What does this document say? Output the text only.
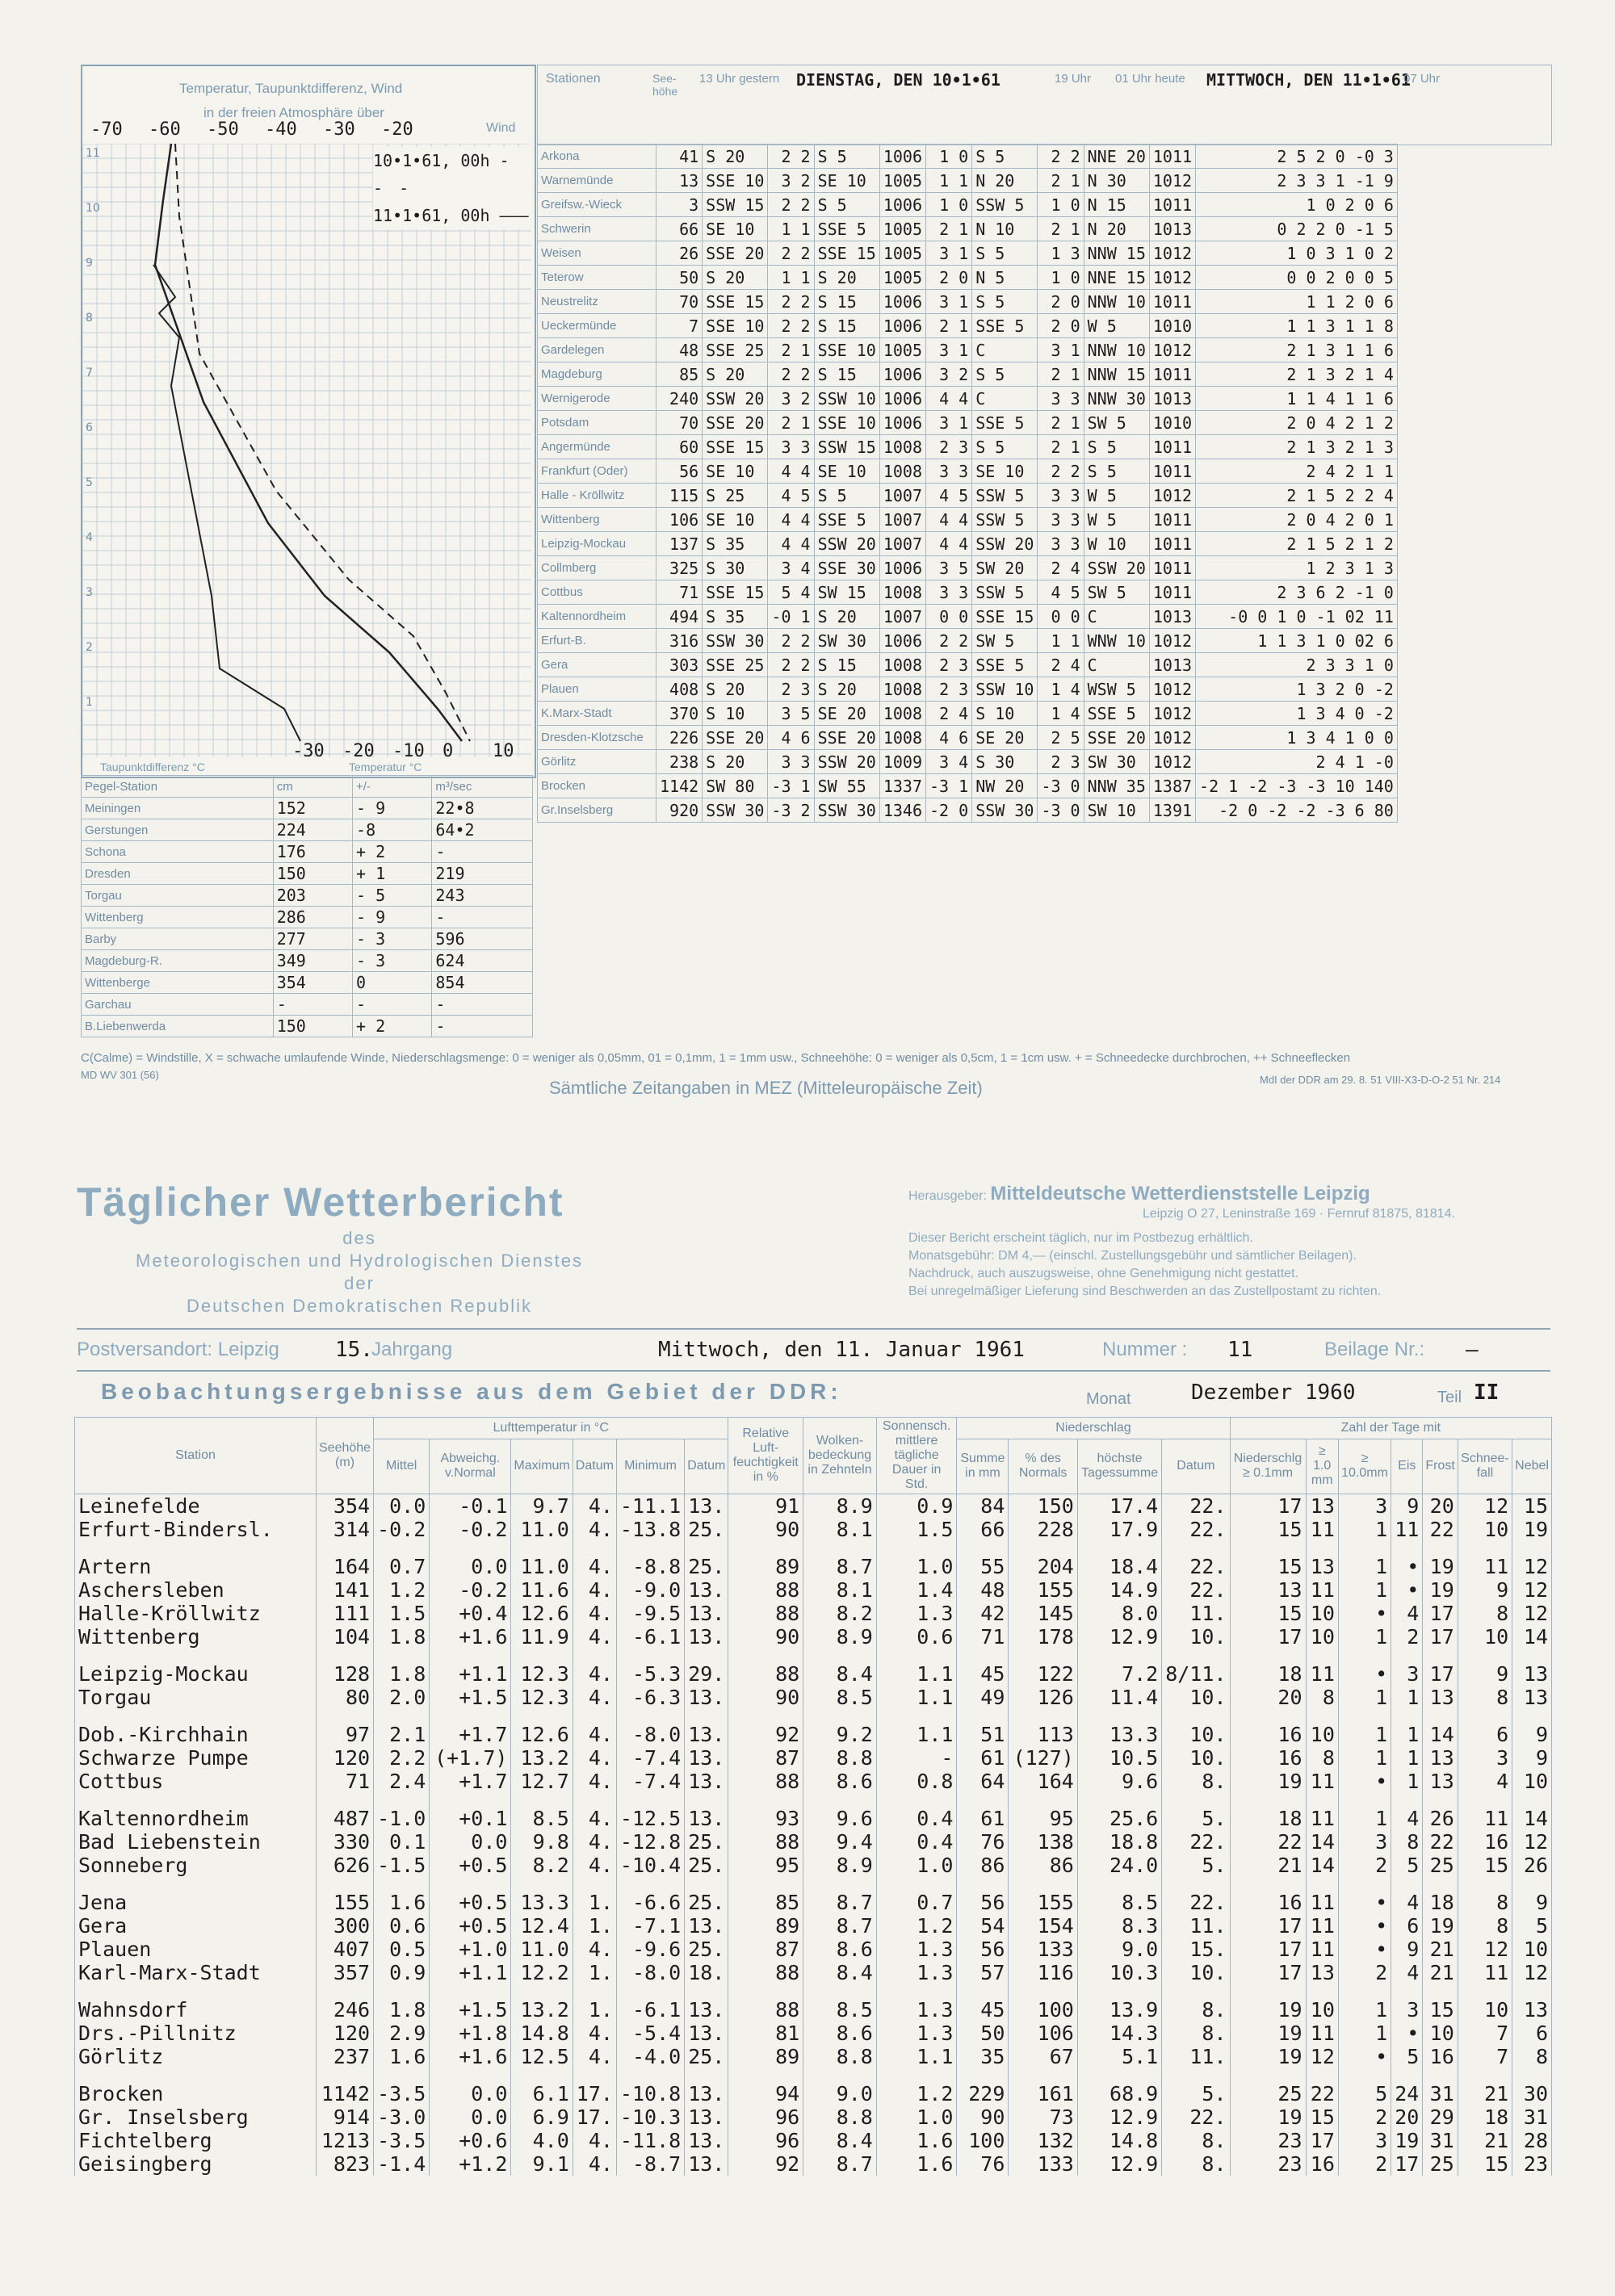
Temperatur, Taupunktdifferenz, Wind
in der freien Atmosphäre über
Wind
-70 -60 -50 -40 -30 -20
11
10
9
8
7
6
5
4
3
2
1
10•1•61, 00h - - -
11•1•61, 00h ———
Taupunktdifferenz °C	Temperatur °C
-30 -20 -10 0 10
Stationen	See-höhe
13 Uhr gestern DIENSTAG, DEN 10•1•61	19 Uhr 01 Uhr heute MITTWOCH, DEN 11•1•61
07 Uhr
Arkona	41	S 20	2 2	S 5	1006	1 0	S 5	2 2	NNE 20	1011	2 5 2 0 -0 3
Warnemünde	13	SSE 10	3 2	SE 10	1005	1 1	N 20	2 1	N 30	1012	2 3 3 1 -1 9
Greifsw.-Wieck	3	SSW 15	2 2	S 5	1006	1 0	SSW 5	1 0	N 15	1011	1 0 2 0 6
Schwerin	66	SE 10	1 1	SSE 5	1005	2 1	N 10	2 1	N 20	1013	0 2 2 0 -1 5
Weisen	26	SSE 20	2 2	SSE 15	1005	3 1	S 5	1 3	NNW 15	1012	1 0 3 1 0 2
Teterow	50	S 20	1 1	S 20	1005	2 0	N 5	1 0	NNE 15	1012	0 0 2 0 0 5
Neustrelitz	70	SSE 15	2 2	S 15	1006	3 1	S 5	2 0	NNW 10	1011	1 1 2 0 6
Ueckermünde	7	SSE 10	2 2	S 15	1006	2 1	SSE 5	2 0	W 5	1010	1 1 3 1 1 8
Gardelegen	48	SSE 25	2 1	SSE 10	1005	3 1	C	3 1	NNW 10	1012	2 1 3 1 1 6
Magdeburg	85	S 20	2 2	S 15	1006	3 2	S 5	2 1	NNW 15	1011	2 1 3 2 1 4
Wernigerode	240	SSW 20	3 2	SSW 10	1006	4 4	C	3 3	NNW 30	1013	1 1 4 1 1 6
Potsdam	70	SSE 20	2 1	SSE 10	1006	3 1	SSE 5	2 1	SW 5	1010	2 0 4 2 1 2
Angermünde	60	SSE 15	3 3	SSW 15	1008	2 3	S 5	2 1	S 5	1011	2 1 3 2 1 3
Frankfurt (Oder)	56	SE 10	4 4	SE 10	1008	3 3	SE 10	2 2	S 5	1011	2 4 2 1 1
Halle - Kröllwitz	115	S 25	4 5	S 5	1007	4 5	SSW 5	3 3	W 5	1012	2 1 5 2 2 4
Wittenberg	106	SE 10	4 4	SSE 5	1007	4 4	SSW 5	3 3	W 5	1011	2 0 4 2 0 1
Leipzig-Mockau	137	S 35	4 4	SSW 20	1007	4 4	SSW 20	3 3	W 10	1011	2 1 5 2 1 2
Collmberg	325	S 30	3 4	SSE 30	1006	3 5	SW 20	2 4	SSW 20	1011	1 2 3 1 3
Cottbus	71	SSE 15	5 4	SW 15	1008	3 3	SSW 5	4 5	SW 5	1011	2 3 6 2 -1 0
Kaltennordheim	494	S 35	-0 1	S 20	1007	0 0	SSE 15	0 0	C	1013	-0 0 1 0 -1 02 11
Erfurt-B.	316	SSW 30	2 2	SW 30	1006	2 2	SW 5	1 1	WNW 10	1012	1 1 3 1 0 02 6
Gera	303	SSE 25	2 2	S 15	1008	2 3	SSE 5	2 4	C	1013	2 3 3 1 0
Plauen	408	S 20	2 3	S 20	1008	2 3	SSW 10	1 4	WSW 5	1012	1 3 2 0 -2
K.Marx-Stadt	370	S 10	3 5	SE 20	1008	2 4	S 10	1 4	SSE 5	1012	1 3 4 0 -2
Dresden-Klotzsche	226	SSE 20	4 6	SSE 20	1008	4 6	SE 20	2 5	SSE 20	1012	1 3 4 1 0 0
Görlitz	238	S 20	3 3	SSW 20	1009	3 4	S 30	2 3	SW 30	1012	2 4 1 -0
Brocken	1142	SW 80	-3 1	SW 55	1337	-3 1	NW 20	-3 0	NNW 35	1387	-2 1 -2 -3 -3 10 140
Gr.Inselsberg	920	SSW 30	-3 2	SSW 30	1346	-2 0	SSW 30	-3 0	SW 10	1391	-2 0 -2 -2 -3 6 80
Pegel-Station	cm	+/-	m³/sec
Meiningen	152	- 9	22•8
Gerstungen	224	-8	64•2
Schona	176	+ 2	-
Dresden	150	+ 1	219
Torgau	203	- 5	243
Wittenberg	286	- 9	-
Barby	277	- 3	596
Magdeburg-R.	349	- 3	624
Wittenberge	354	0	854
Garchau	-	-	-
B.Liebenwerda	150	+ 2	-
C(Calme) = Windstille, X = schwache umlaufende Winde, Niederschlagsmenge: 0 = weniger als 0,05mm, 01 = 0,1mm, 1 = 1mm usw., Schneehöhe: 0 = weniger als 0,5cm, 1 = 1cm usw. + = Schneedecke durchbrochen, ++ Schneeflecken
MD WV 301 (56)
Sämtliche Zeitangaben in MEZ (Mitteleuropäische Zeit)	MdI der DDR am 29. 8. 51 VIII-X3-D-O-2 51 Nr. 214
Täglicher Wetterbericht
des
Meteorologischen und Hydrologischen Dienstes
der
Deutschen Demokratischen Republik
Herausgeber: Mitteldeutsche Wetterdienststelle Leipzig
Leipzig O 27, Leninstraße 169 · Fernruf 81875, 81814.
Dieser Bericht erscheint täglich, nur im Postbezug erhältlich.
Monatsgebühr: DM 4,— (einschl. Zustellungsgebühr und sämtlicher Beilagen).
Nachdruck, auch auszugsweise, ohne Genehmigung nicht gestattet.
Bei unregelmäßiger Lieferung sind Beschwerden an das Zustellpostamt zu richten.
Postversandort: Leipzig	15.
Jahrgang	Mittwoch, den 11. Januar 1961	Nummer : 11	Beilage Nr.: —
Beobachtungsergebnisse aus dem Gebiet der DDR:	Monat	Dezember 1960	Teil II
Station	Seehöhe (m)	Lufttemperatur in °C						Relative Luft-feuchtigkeit in %	Wolken-bedeckung in Zehnteln	Sonnensch. mittlere tägliche Dauer in Std.	Niederschlag				Zahl der Tage mit						
		Mittel	Abweichg. v.Normal	Maximum	Datum	Minimum	Datum				Summe in mm	% des Normals	höchste Tagessumme	Datum	Niederschlg ≥ 0.1mm	≥ 1.0 mm	≥ 10.0mm	Eis	Frost	Schnee-fall	Nebel
Leinefelde	354	0.0	-0.1	9.7	4.	-11.1	13.	91	8.9	0.9	84	150	17.4	22.	17	13	3	9	20	12	15
Erfurt-Bindersl.	314	-0.2	-0.2	11.0	4.	-13.8	25.	90	8.1	1.5	66	228	17.9	22.	15	11	1	11	22	10	19

Artern	164	0.7	0.0	11.0	4.	-8.8	25.	89	8.7	1.0	55	204	18.4	22.	15	13	1	•	19	11	12
Aschersleben	141	1.2	-0.2	11.6	4.	-9.0	13.	88	8.1	1.4	48	155	14.9	22.	13	11	1	•	19	9	12
Halle-Kröllwitz	111	1.5	+0.4	12.6	4.	-9.5	13.	88	8.2	1.3	42	145	8.0	11.	15	10	•	4	17	8	12
Wittenberg	104	1.8	+1.6	11.9	4.	-6.1	13.	90	8.9	0.6	71	178	12.9	10.	17	10	1	2	17	10	14

Leipzig-Mockau	128	1.8	+1.1	12.3	4.	-5.3	29.	88	8.4	1.1	45	122	7.2	8/11.	18	11	•	3	17	9	13
Torgau	80	2.0	+1.5	12.3	4.	-6.3	13.	90	8.5	1.1	49	126	11.4	10.	20	8	1	1	13	8	13

Dob.-Kirchhain	97	2.1	+1.7	12.6	4.	-8.0	13.	92	9.2	1.1	51	113	13.3	10.	16	10	1	1	14	6	9
Schwarze Pumpe	120	2.2	(+1.7)	13.2	4.	-7.4	13.	87	8.8	-	61	(127)	10.5	10.	16	8	1	1	13	3	9
Cottbus	71	2.4	+1.7	12.7	4.	-7.4	13.	88	8.6	0.8	64	164	9.6	8.	19	11	•	1	13	4	10

Kaltennordheim	487	-1.0	+0.1	8.5	4.	-12.5	13.	93	9.6	0.4	61	95	25.6	5.	18	11	1	4	26	11	14
Bad Liebenstein	330	0.1	0.0	9.8	4.	-12.8	25.	88	9.4	0.4	76	138	18.8	22.	22	14	3	8	22	16	12
Sonneberg	626	-1.5	+0.5	8.2	4.	-10.4	25.	95	8.9	1.0	86	86	24.0	5.	21	14	2	5	25	15	26

Jena	155	1.6	+0.5	13.3	1.	-6.6	25.	85	8.7	0.7	56	155	8.5	22.	16	11	•	4	18	8	9
Gera	300	0.6	+0.5	12.4	1.	-7.1	13.	89	8.7	1.2	54	154	8.3	11.	17	11	•	6	19	8	5
Plauen	407	0.5	+1.0	11.0	4.	-9.6	25.	87	8.6	1.3	56	133	9.0	15.	17	11	•	9	21	12	10
Karl-Marx-Stadt	357	0.9	+1.1	12.2	1.	-8.0	18.	88	8.4	1.3	57	116	10.3	10.	17	13	2	4	21	11	12

Wahnsdorf	246	1.8	+1.5	13.2	1.	-6.1	13.	88	8.5	1.3	45	100	13.9	8.	19	10	1	3	15	10	13
Drs.-Pillnitz	120	2.9	+1.8	14.8	4.	-5.4	13.	81	8.6	1.3	50	106	14.3	8.	19	11	1	•	10	7	6
Görlitz	237	1.6	+1.6	12.5	4.	-4.0	25.	89	8.8	1.1	35	67	5.1	11.	19	12	•	5	16	7	8

Brocken	1142	-3.5	0.0	6.1	17.	-10.8	13.	94	9.0	1.2	229	161	68.9	5.	25	22	5	24	31	21	30
Gr. Inselsberg	914	-3.0	0.0	6.9	17.	-10.3	13.	96	8.8	1.0	90	73	12.9	22.	19	15	2	20	29	18	31
Fichtelberg	1213	-3.5	+0.6	4.0	4.	-11.8	13.	96	8.4	1.6	100	132	14.8	8.	23	17	3	19	31	21	28
Geisingberg	823	-1.4	+1.2	9.1	4.	-8.7	13.	92	8.7	1.6	76	133	12.9	8.	23	16	2	17	25	15	23
